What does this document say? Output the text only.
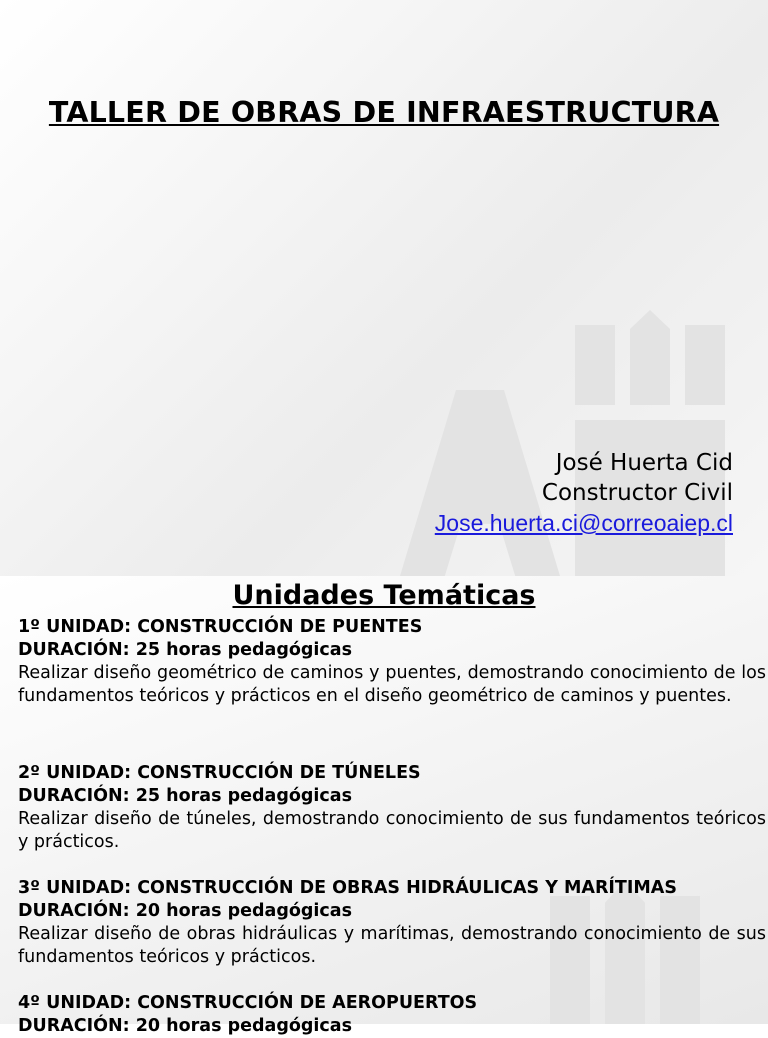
TALLER DE OBRAS DE INFRAESTRUCTURA
José Huerta Cid
Constructor Civil
Jose.huerta.ci@correoaiep.cl
Unidades Temáticas
1º UNIDAD: CONSTRUCCIÓN DE PUENTES
DURACIÓN: 25 horas pedagógicas
Realizar diseño geométrico de caminos y puentes, demostrando conocimiento de los fundamentos teóricos y prácticos en el diseño geométrico de caminos y puentes.
2º UNIDAD: CONSTRUCCIÓN DE TÚNELES
DURACIÓN: 25 horas pedagógicas
Realizar diseño de túneles, demostrando conocimiento de sus fundamentos teóricos y prácticos.
3º UNIDAD: CONSTRUCCIÓN DE OBRAS HIDRÁULICAS Y MARÍTIMAS
DURACIÓN: 20 horas pedagógicas
Realizar diseño de obras hidráulicas y marítimas, demostrando conocimiento de sus fundamentos teóricos y prácticos.
4º UNIDAD: CONSTRUCCIÓN DE AEROPUERTOS
DURACIÓN: 20 horas pedagógicas
